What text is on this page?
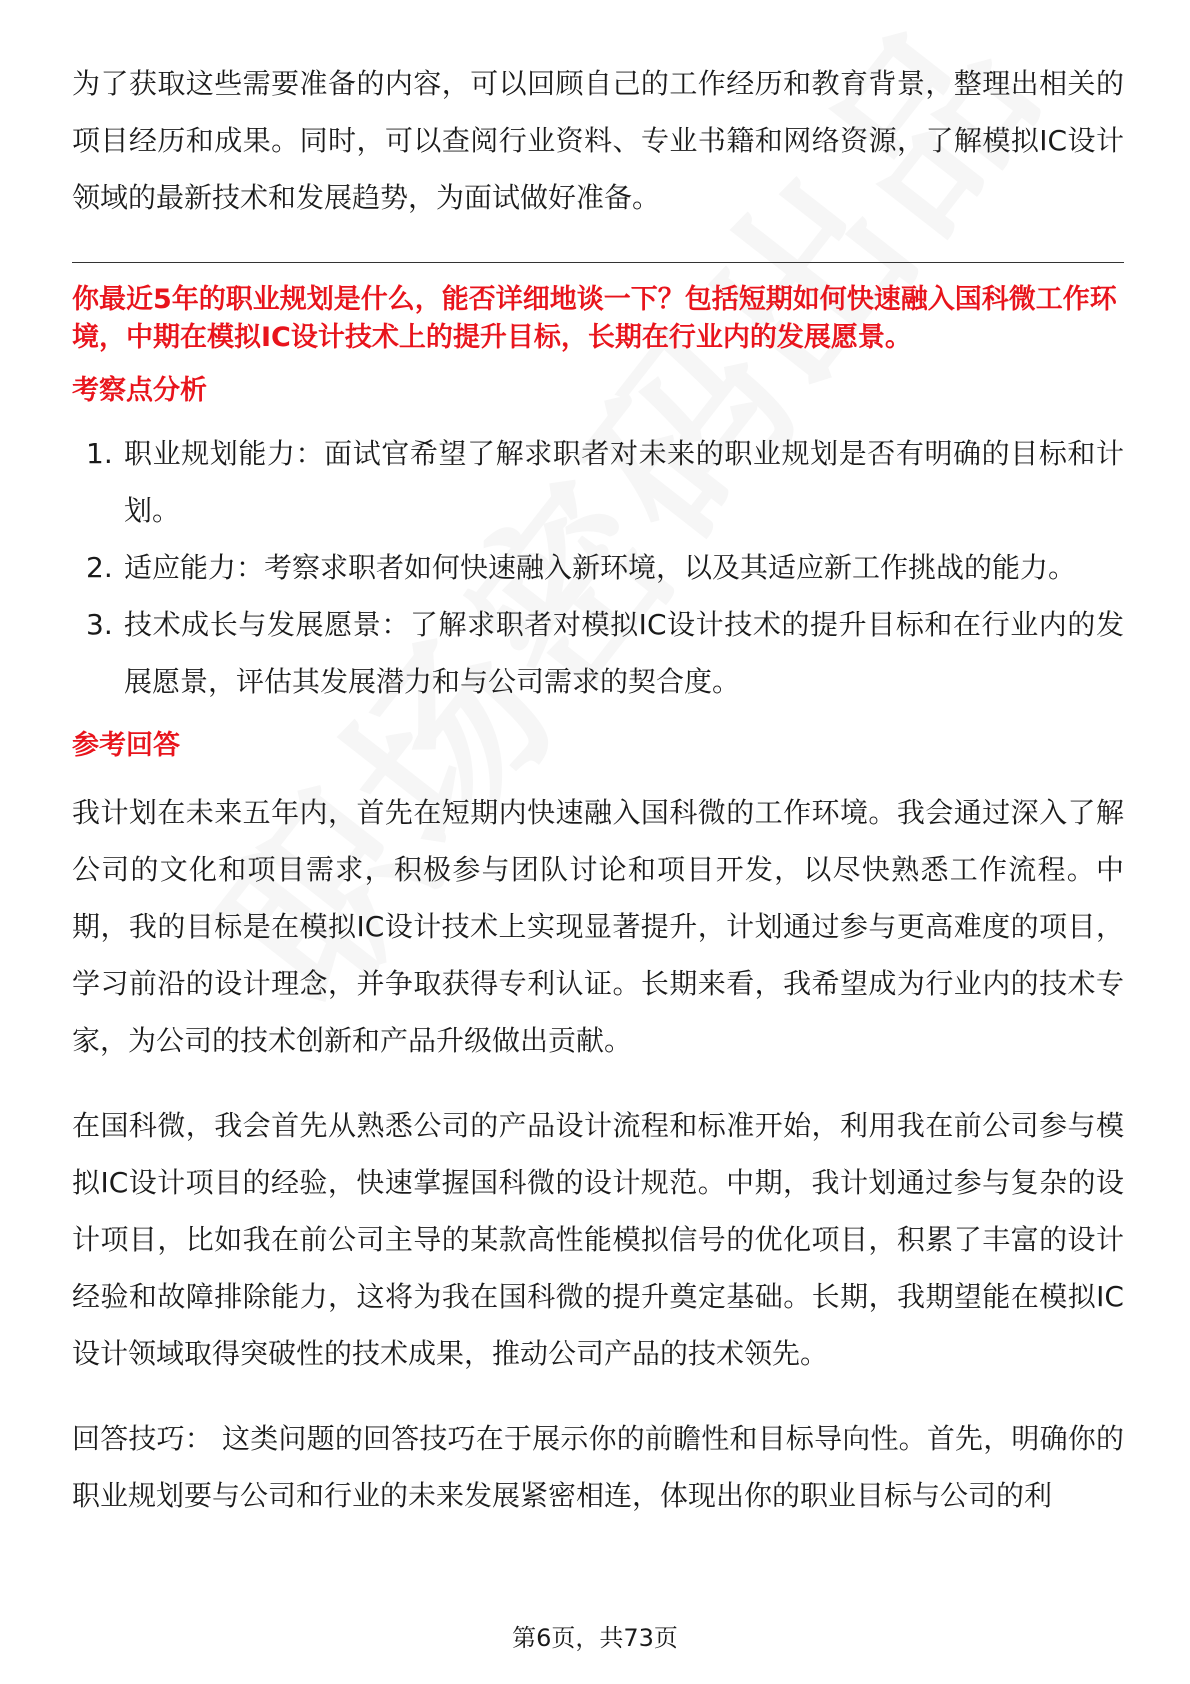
为了获取这些需要准备的内容，可以回顾自己的工作经历和教育背景，整理出相关的项目经历和成果。同时，可以查阅行业资料、专业书籍和网络资源，了解模拟IC设计领域的最新技术和发展趋势，为面试做好准备。

你最近5年的职业规划是什么，能否详细地谈一下？包括短期如何快速融入国科微工作环境，中期在模拟IC设计技术上的提升目标，长期在行业内的发展愿景。

考察点分析
1. 职业规划能力：面试官希望了解求职者对未来的职业规划是否有明确的目标和计划。
2. 适应能力：考察求职者如何快速融入新环境，以及其适应新工作挑战的能力。
3. 技术成长与发展愿景：了解求职者对模拟IC设计技术的提升目标和在行业内的发展愿景，评估其发展潜力和与公司需求的契合度。
参考回答

我计划在未来五年内，首先在短期内快速融入国科微的工作环境。我会通过深入了解公司的文化和项目需求，积极参与团队讨论和项目开发，以尽快熟悉工作流程。中期，我的目标是在模拟IC设计技术上实现显著提升，计划通过参与更高难度的项目，学习前沿的设计理念，并争取获得专利认证。长期来看，我希望成为行业内的技术专家，为公司的技术创新和产品升级做出贡献。

在国科微，我会首先从熟悉公司的产品设计流程和标准开始，利用我在前公司参与模拟IC设计项目的经验，快速掌握国科微的设计规范。中期，我计划通过参与复杂的设计项目，比如我在前公司主导的某款高性能模拟信号的优化项目，积累了丰富的设计经验和故障排除能力，这将为我在国科微的提升奠定基础。长期，我期望能在模拟IC设计领域取得突破性的技术成果，推动公司产品的技术领先。

回答技巧： 这类问题的回答技巧在于展示你的前瞻性和目标导向性。首先，明确你的职业规划要与公司和行业的未来发展紧密相连，体现出你的职业目标与公司的利

第6页，共73页
